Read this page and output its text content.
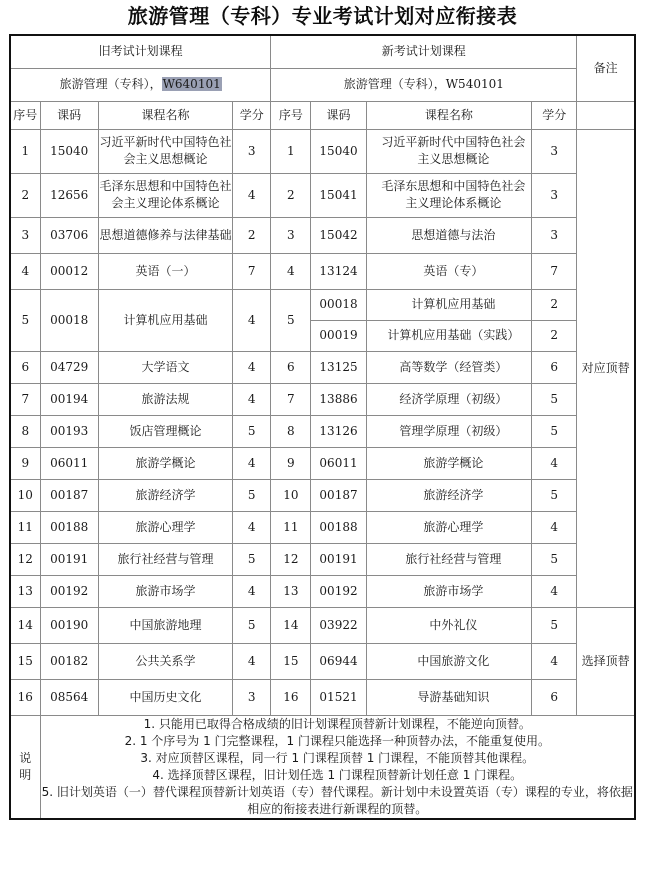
旅游管理（专科）专业考试计划对应衔接表
旧考试计划课程				新考试计划课程				备注
旅游管理（专科），W640101				旅游管理（专科），W540101				
序号	课码	课程名称	学分	序号	课码	课程名称	学分	
1	15040	习近平新时代中国特色社会主义思想概论	3	1	15040	习近平新时代中国特色社会主义思想概论	3	对应顶替
2	12656	毛泽东思想和中国特色社会主义理论体系概论	4	2	15041	毛泽东思想和中国特色社会主义理论体系概论	3	
3	03706	思想道德修养与法律基础	2	3	15042	思想道德与法治	3	
4	00012	英语（一）	7	4	13124	英语（专）	7	
5	00018	计算机应用基础	4	5	00018	计算机应用基础	2	
					00019	计算机应用基础（实践）	2	
6	04729	大学语文	4	6	13125	高等数学（经管类）	6	
7	00194	旅游法规	4	7	13886	经济学原理（初级）	5	
8	00193	饭店管理概论	5	8	13126	管理学原理（初级）	5	
9	06011	旅游学概论	4	9	06011	旅游学概论	4	
10	00187	旅游经济学	5	10	00187	旅游经济学	5	
11	00188	旅游心理学	4	11	00188	旅游心理学	4	
12	00191	旅行社经营与管理	5	12	00191	旅行社经营与管理	5	
13	00192	旅游市场学	4	13	00192	旅游市场学	4	
14	00190	中国旅游地理	5	14	03922	中外礼仪	5	选择顶替
15	00182	公共关系学	4	15	06944	中国旅游文化	4	
16	08564	中国历史文化	3	16	01521	导游基础知识	6	
说
明	

1. 只能用已取得合格成绩的旧计划课程顶替新计划课程，不能逆向顶替。

2. 1 个序号为 1 门完整课程，1 门课程只能选择一种顶替办法，不能重复使用。

3. 对应顶替区课程，同一行 1 门课程顶替 1 门课程，不能顶替其他课程。

4. 选择顶替区课程，旧计划任选 1 门课程顶替新计划任意 1 门课程。

5. 旧计划英语（一）替代课程顶替新计划英语（专）替代课程。新计划中未设置英语（专）课程的专业，将依据相应的衔接表进行新课程的顶替。
